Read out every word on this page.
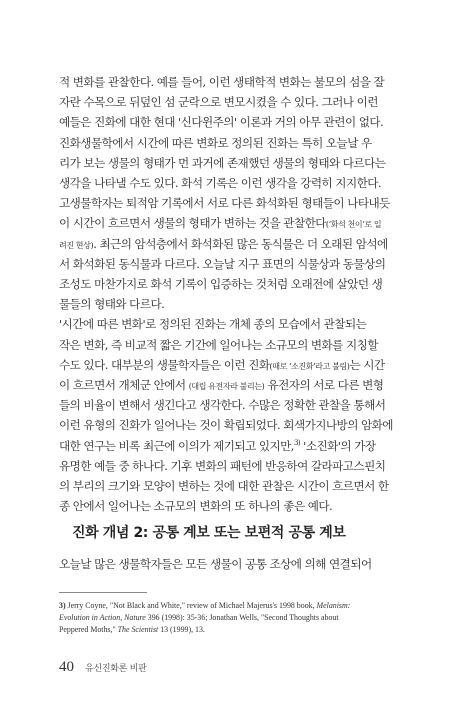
적 변화를 관찰한다. 예를 들어, 이런 생태학적 변화는 불모의 섬을 잘
자란 수목으로 뒤덮인 섬 군락으로 변모시켰을 수 있다. 그러나 이런
예들은 진화에 대한 현대 '신다윈주의' 이론과 거의 아무 관련이 없다.
진화생물학에서 시간에 따른 변화로 정의된 진화는 특히 오늘날 우
리가 보는 생물의 형태가 먼 과거에 존재했던 생물의 형태와 다르다는
생각을 나타낼 수도 있다. 화석 기록은 이런 생각을 강력히 지지한다.
고생물학자는 퇴적암 기록에서 서로 다른 화석화된 형태들이 나타내듯
이 시간이 흐르면서 생물의 형태가 변하는 것을 관찰한다(‘화석 천이’로 일
려진 현상). 최근의 암석층에서 화석화된 많은 동식물은 더 오래된 암석에
서 화석화된 동식물과 다르다. 오늘날 지구 표면의 식물상과 동물상의
조성도 마찬가지로 화석 기록이 입증하는 것처럼 오래전에 살았던 생
물들의 형태와 다르다.
'시간에 따른 변화'로 정의된 진화는 개체 종의 모습에서 관찰되는
작은 변화, 즉 비교적 짧은 기간에 일어나는 소규모의 변화를 지칭할
수도 있다. 대부분의 생물학자들은 이런 진화(때로 ‘소진화’라고 불림)는 시간
이 흐르면서 개체군 안에서 (대립 유전자라 불리는) 유전자의 서로 다른 변형
들의 비율이 변해서 생긴다고 생각한다. 수많은 정확한 관찰을 통해서
이런 유형의 진화가 일어나는 것이 확립되었다. 회색가지나방의 암화에
대한 연구는 비록 최근에 이의가 제기되고 있지만,$^{3)}$ '소진화'의 가장
유명한 예들 중 하나다. 기후 변화의 패턴에 반응하여 갈라파고스핀치
의 부리의 크기와 모양이 변하는 것에 대한 관찰은 시간이 흐르면서 한
종 안에서 일어나는 소규모의 변화의 또 하나의 좋은 예다.
진화 개념 2: 공통 계보 또는 보편적 공통 계보
오늘날 많은 생물학자들은 모든 생물이 공통 조상에 의해 연결되어
3) Jerry Coyne, "Not Black and White," review of Michael Majerus's 1998 book, Melanism:
Evolution in Action, Nature 396 (1998): 35-36; Jonathan Wells, "Second Thoughts about
Peppered Moths," The Scientist 13 (1999), 13.
40 유신진화론 비판
